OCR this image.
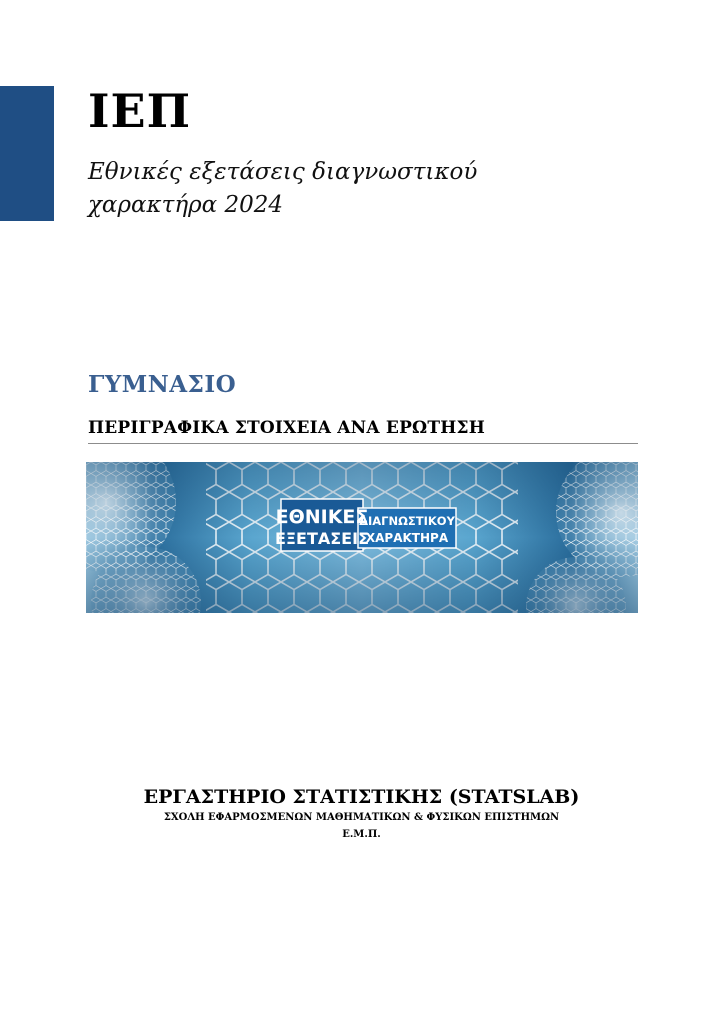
ΙΕΠ
Εθνικές εξετάσεις διαγνωστικού
χαρακτήρα 2024
ΓΥΜΝΑΣΙΟ
ΠΕΡΙΓΡΑΦΙΚΑ ΣΤΟΙΧΕΙΑ ΑΝΑ ΕΡΩΤΗΣΗ
ΕΘΝΙΚΕΣ
ΕΞΕΤΑΣΕΙΣ
ΔΙΑΓΝΩΣΤΙΚΟΥ
ΧΑΡΑΚΤΗΡΑ
ΕΡΓΑΣΤΗΡΙΟ ΣΤΑΤΙΣΤΙΚΗΣ (STATSLAB)
ΣΧΟΛΗ ΕΦΑΡΜΟΣΜΕΝΩΝ ΜΑΘΗΜΑΤΙΚΩΝ & ΦΥΣΙΚΩΝ ΕΠΙΣΤΗΜΩΝ
Ε.Μ.Π.
